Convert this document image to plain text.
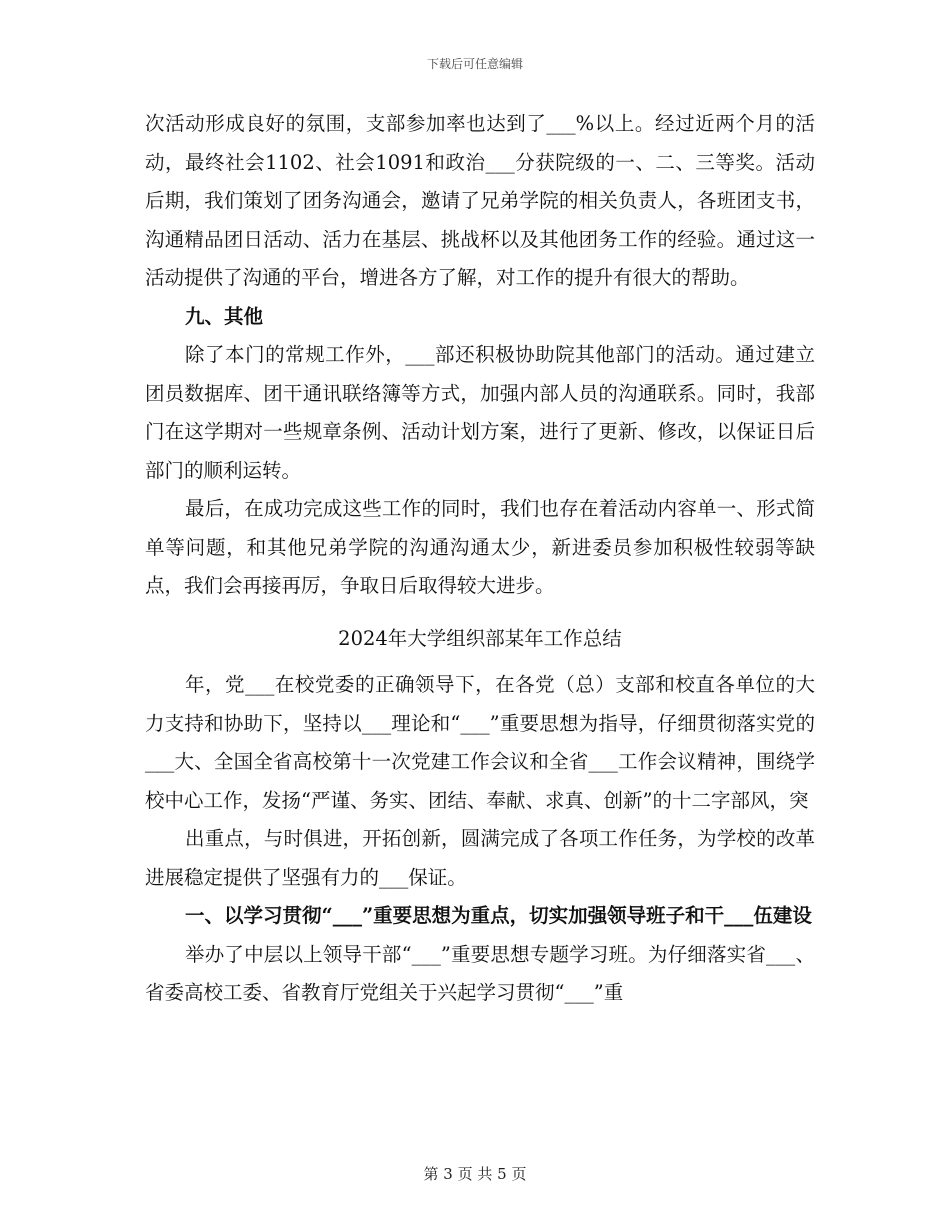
下载后可任意编辑

次活动形成良好的氛围，支部参加率也达到了___%以上。经过近两个月的活动，最终社会1102、社会1091和政治___分获院级的一、二、三等奖。活动后期，我们策划了团务沟通会，邀请了兄弟学院的相关负责人，各班团支书，沟通精品团日活动、活力在基层、挑战杯以及其他团务工作的经验。通过这一活动提供了沟通的平台，增进各方了解，对工作的提升有很大的帮助。

九、其他

除了本门的常规工作外，___部还积极协助院其他部门的活动。通过建立团员数据库、团干通讯联络簿等方式，加强内部人员的沟通联系。同时，我部门在这学期对一些规章条例、活动计划方案，进行了更新、修改，以保证日后部门的顺利运转。

最后，在成功完成这些工作的同时，我们也存在着活动内容单一、形式简单等问题，和其他兄弟学院的沟通沟通太少，新进委员参加积极性较弱等缺点，我们会再接再厉，争取日后取得较大进步。

2024年大学组织部某年工作总结

年，党___在校党委的正确领导下，在各党（总）支部和校直各单位的大力支持和协助下，坚持以___理论和“___”重要思想为指导，仔细贯彻落实党的___大、全国全省高校第十一次党建工作会议和全省___工作会议精神，围绕学校中心工作，发扬“严谨、务实、团结、奉献、求真、创新”的十二字部风，突

出重点，与时俱进，开拓创新，圆满完成了各项工作任务，为学校的改革进展稳定提供了坚强有力的___保证。

一、以学习贯彻“___”重要思想为重点，切实加强领导班子和干___伍建设

举办了中层以上领导干部“___”重要思想专题学习班。为仔细落实省___、省委高校工委、省教育厅党组关于兴起学习贯彻“___”重

第 3 页 共 5 页
